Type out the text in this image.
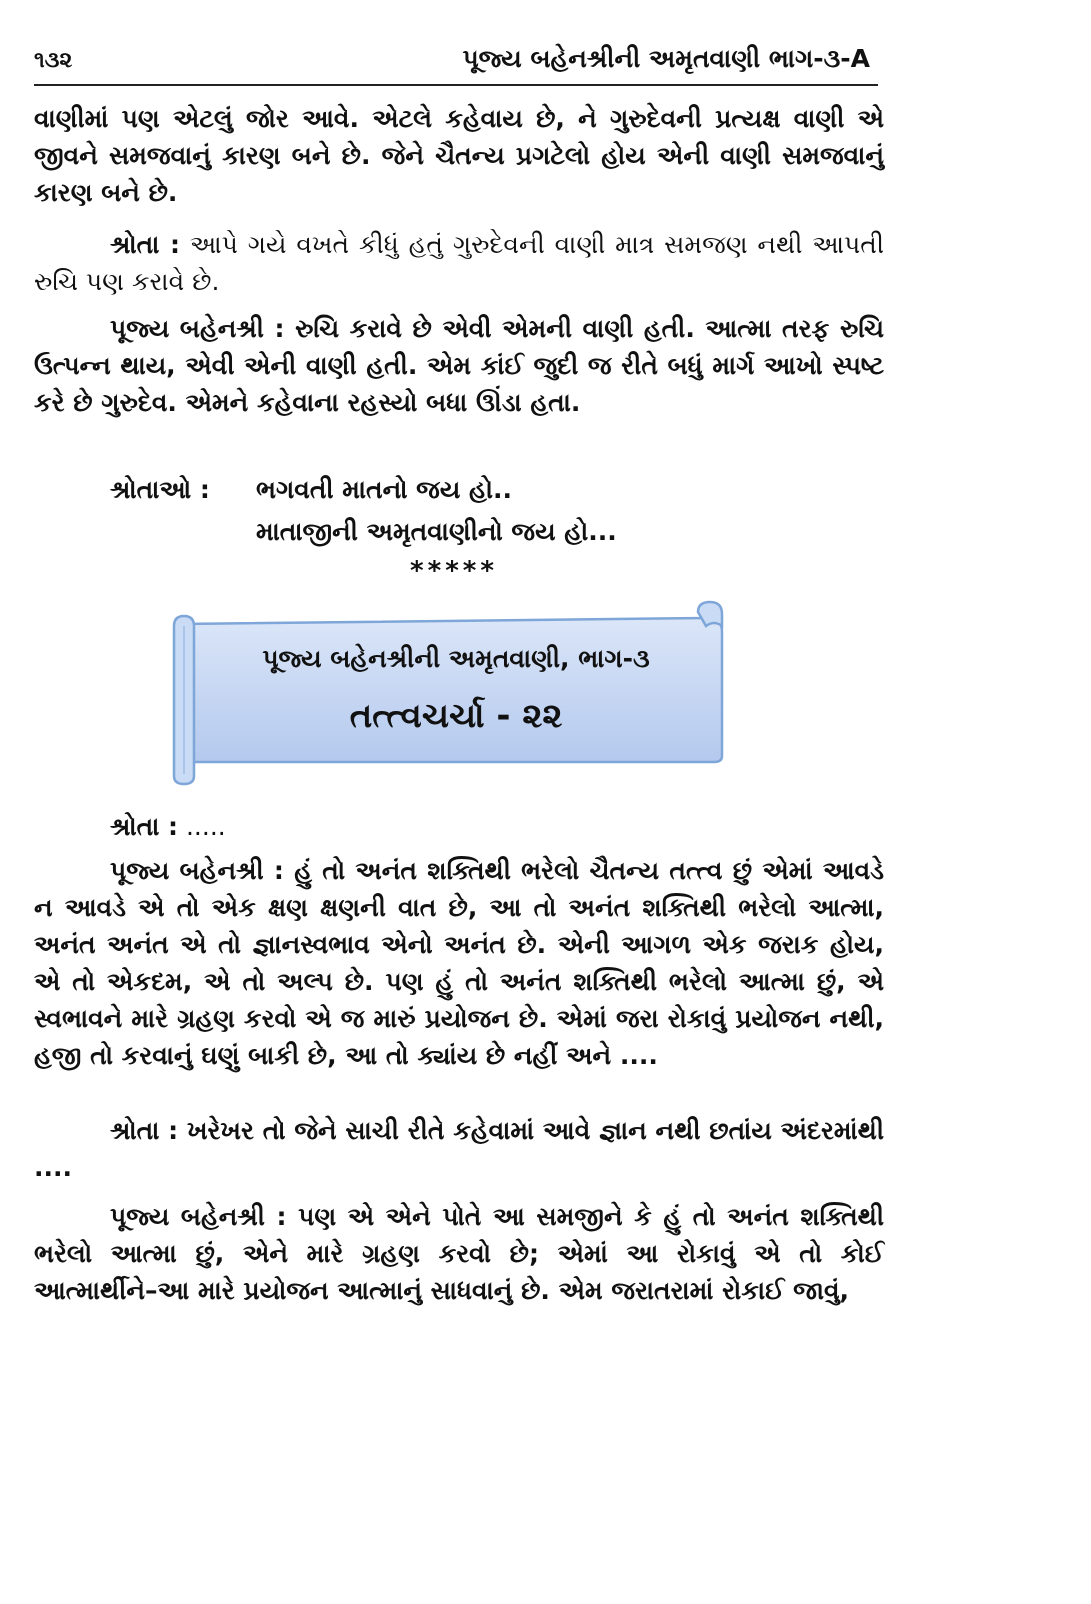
૧૩૨	પૂજ્ય બહેનશ્રીની અમૃતવાણી ભાગ-૩-A

વાણીમાં પણ એટલું જોર આવે. એટલે કહેવાય છે, ને ગુરુદેવની પ્રત્યક્ષ વાણી એ જીવને સમજવાનું કારણ બને છે. જેને ચૈતન્ય પ્રગટેલો હોય એની વાણી સમજવાનું કારણ બને છે.

શ્રોતા : આપે ગયે વખતે કીધું હતું ગુરુદેવની વાણી માત્ર સમજણ નથી આપતી રુચિ પણ કરાવે છે.

પૂજ્ય બહેનશ્રી : રુચિ કરાવે છે એવી એમની વાણી હતી. આત્મા તરફ રુચિ ઉત્પન્ન થાય, એવી એની વાણી હતી. એમ કાંઈ જુદી જ રીતે બધું માર્ગ આખો સ્પષ્ટ કરે છે ગુરુદેવ. એમને કહેવાના રહસ્યો બધા ઊંડા હતા.

શ્રોતાઓ : ભગવતી માતનો જય હો..
માતાજીની અમૃતવાણીનો જય હો...
*****
પૂજ્ય બહેનશ્રીની અમૃતવાણી, ભાગ-૩
તત્ત્વચર્ચા - ૨૨

શ્રોતા : .....

પૂજ્ય બહેનશ્રી : હું તો અનંત શક્તિથી ભરેલો ચૈતન્ય તત્ત્વ છું એમાં આવડે ન આવડે એ તો એક ક્ષણ ક્ષણની વાત છે, આ તો અનંત શક્તિથી ભરેલો આત્મા, અનંત અનંત એ તો જ્ઞાનસ્વભાવ એનો અનંત છે. એની આગળ એક જરાક હોય, એ તો એકદમ, એ તો અલ્પ છે. પણ હું તો અનંત શક્તિથી ભરેલો આત્મા છું, એ સ્વભાવને મારે ગ્રહણ કરવો એ જ મારું પ્રયોજન છે. એમાં જરા રોકાવું પ્રયોજન નથી, હજી તો કરવાનું ઘણું બાકી છે, આ તો ક્યાંય છે નહીં અને ....

શ્રોતા : ખરેખર તો જેને સાચી રીતે કહેવામાં આવે જ્ઞાન નથી છતાંય અંદરમાંથી ....

પૂજ્ય બહેનશ્રી : પણ એ એને પોતે આ સમજીને કે હું તો અનંત શક્તિથી ભરેલો આત્મા છું, એને મારે ગ્રહણ કરવો છે; એમાં આ રોકાવું એ તો કોઈ આત્માર્થીને–આ મારે પ્રયોજન આત્માનું સાધવાનું છે. એમ જરાતરામાં રોકાઈ જાવું,
